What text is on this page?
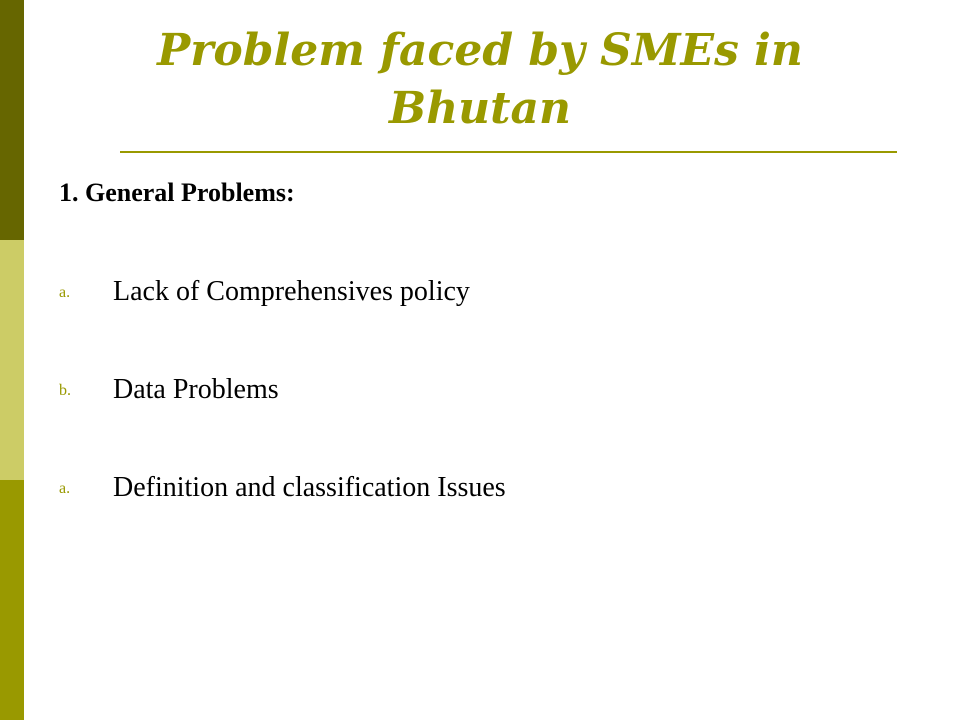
Problem faced by SMEs in Bhutan

1. General Problems:

a. Lack of Comprehensives policy
b. Data Problems
a. Definition and classification Issues
